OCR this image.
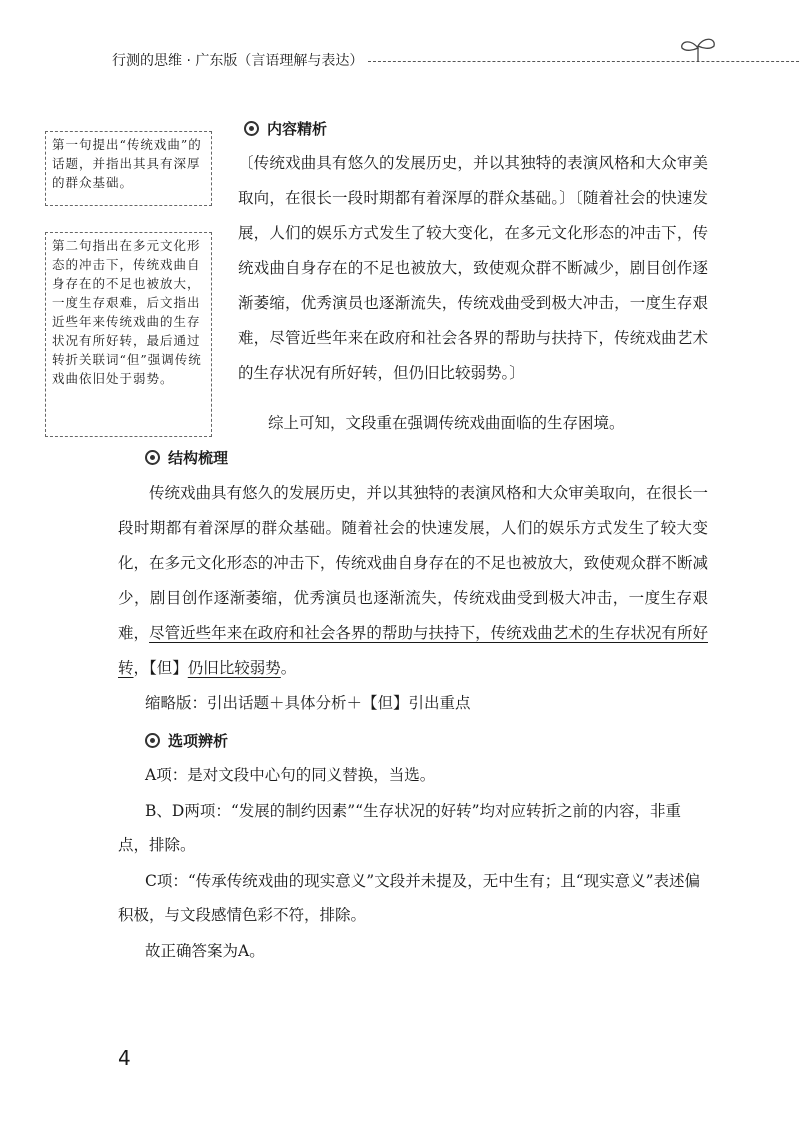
行测的思维 · 广东版（言语理解与表达）
第一句提出“传统戏曲”的话题，并指出其具有深厚的群众基础。
第二句指出在多元文化形态的冲击下，传统戏曲自身存在的不足也被放大，一度生存艰难，后文指出近些年来传统戏曲的生存状况有所好转，最后通过转折关联词“但”强调传统戏曲依旧处于弱势。
内容精析
〔传统戏曲具有悠久的发展历史，并以其独特的表演风格和大众审美取向，在很长一段时期都有着深厚的群众基础。〕〔随着社会的快速发展，人们的娱乐方式发生了较大变化，在多元文化形态的冲击下，传统戏曲自身存在的不足也被放大，致使观众群不断减少，剧目创作逐渐萎缩，优秀演员也逐渐流失，传统戏曲受到极大冲击，一度生存艰难，尽管近些年来在政府和社会各界的帮助与扶持下，传统戏曲艺术的生存状况有所好转，但仍旧比较弱势。〕
综上可知，文段重在强调传统戏曲面临的生存困境。
结构梳理
传统戏曲具有悠久的发展历史，并以其独特的表演风格和大众审美取向，在很长一段时期都有着深厚的群众基础。随着社会的快速发展，人们的娱乐方式发生了较大变化，在多元文化形态的冲击下，传统戏曲自身存在的不足也被放大，致使观众群不断减少，剧目创作逐渐萎缩，优秀演员也逐渐流失，传统戏曲受到极大冲击，一度生存艰难，尽管近些年来在政府和社会各界的帮助与扶持下，传统戏曲艺术的生存状况有所好转，【但】仍旧比较弱势。
缩略版：引出话题＋具体分析＋【但】引出重点
选项辨析
A项：是对文段中心句的同义替换，当选。
B、D两项：“发展的制约因素”“生存状况的好转”均对应转折之前的内容，非重点，排除。
C项：“传承传统戏曲的现实意义”文段并未提及，无中生有；且“现实意义”表述偏积极，与文段感情色彩不符，排除。
故正确答案为A。
4
